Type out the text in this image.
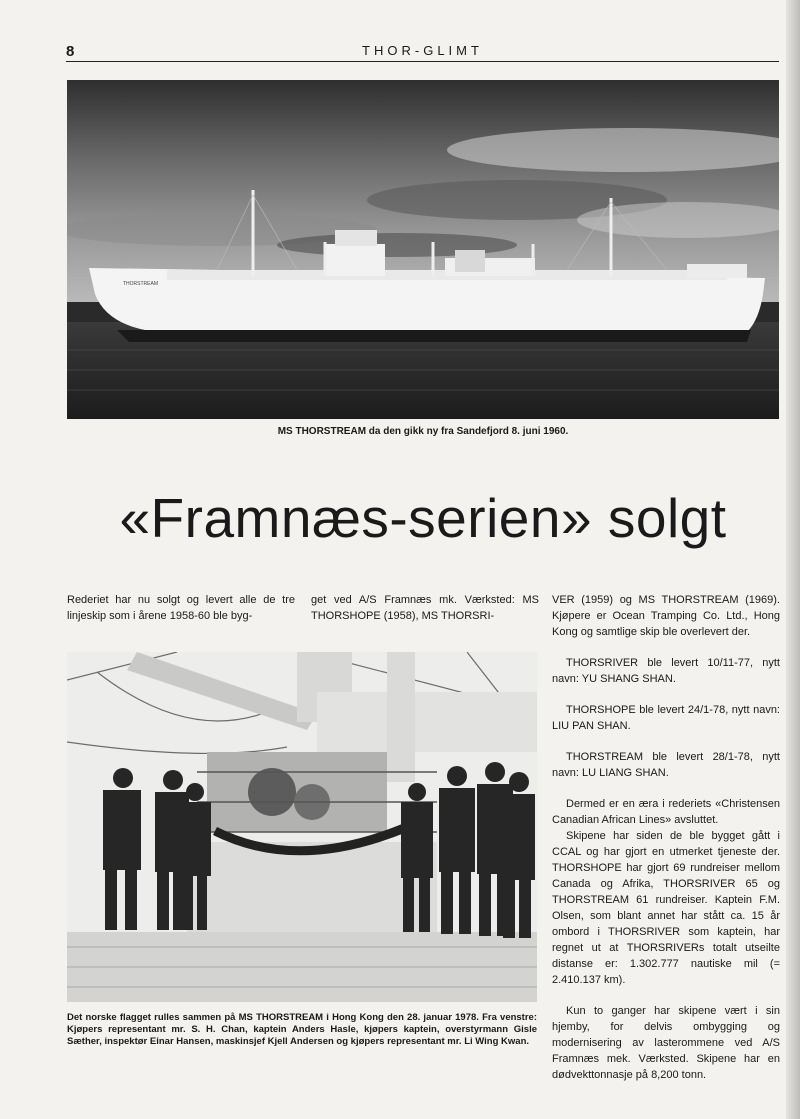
8	THOR-GLIMT
THORSTREAM
MS THORSTREAM da den gikk ny fra Sandefjord 8. juni 1960.
«Framnæs-serien» solgt

Rederiet har nu solgt og levert alle de tre linjeskip som i årene 1958-60 ble byg-

get ved A/S Framnæs mk. Værksted: MS THORSHOPE (1958), MS THORSRI-

VER (1959) og MS THORSTREAM (1969). Kjøpere er Ocean Tramping Co. Ltd., Hong Kong og samtlige skip ble overlevert der.

THORSRIVER ble levert 10/11-77, nytt navn: YU SHANG SHAN.

THORSHOPE ble levert 24/1-78, nytt navn: LIU PAN SHAN.

THORSTREAM ble levert 28/1-78, nytt navn: LU LIANG SHAN.

Dermed er en æra i rederiets «Christensen Canadian African Lines» avsluttet.

Skipene har siden de ble bygget gått i CCAL og har gjort en utmerket tjeneste der. THORSHOPE har gjort 69 rundreiser mellom Canada og Afrika, THORSRIVER 65 og THORSTREAM 61 rundreiser. Kaptein F.M. Olsen, som blant annet har stått ca. 15 år ombord i THORSRIVER som kaptein, har regnet ut at THORSRIVERs totalt utseilte distanse er: 1.302.777 nautiske mil (= 2.410.137 km).

Kun to ganger har skipene vært i sin hjemby, for delvis ombygging og modernisering av lasterommene ved A/S Framnæs mek. Værksted. Skipene har en dødvekttonnasje på 8,200 tonn.

Det norske flagget rulles sammen på MS THORSTREAM i Hong Kong den 28. januar 1978. Fra venstre: Kjøpers representant mr. S. H. Chan, kaptein Anders Hasle, kjøpers kaptein, overstyrmann Gisle Sæther, inspektør Einar Hansen, maskinsjef Kjell Andersen og kjøpers representant mr. Li Wing Kwan.
